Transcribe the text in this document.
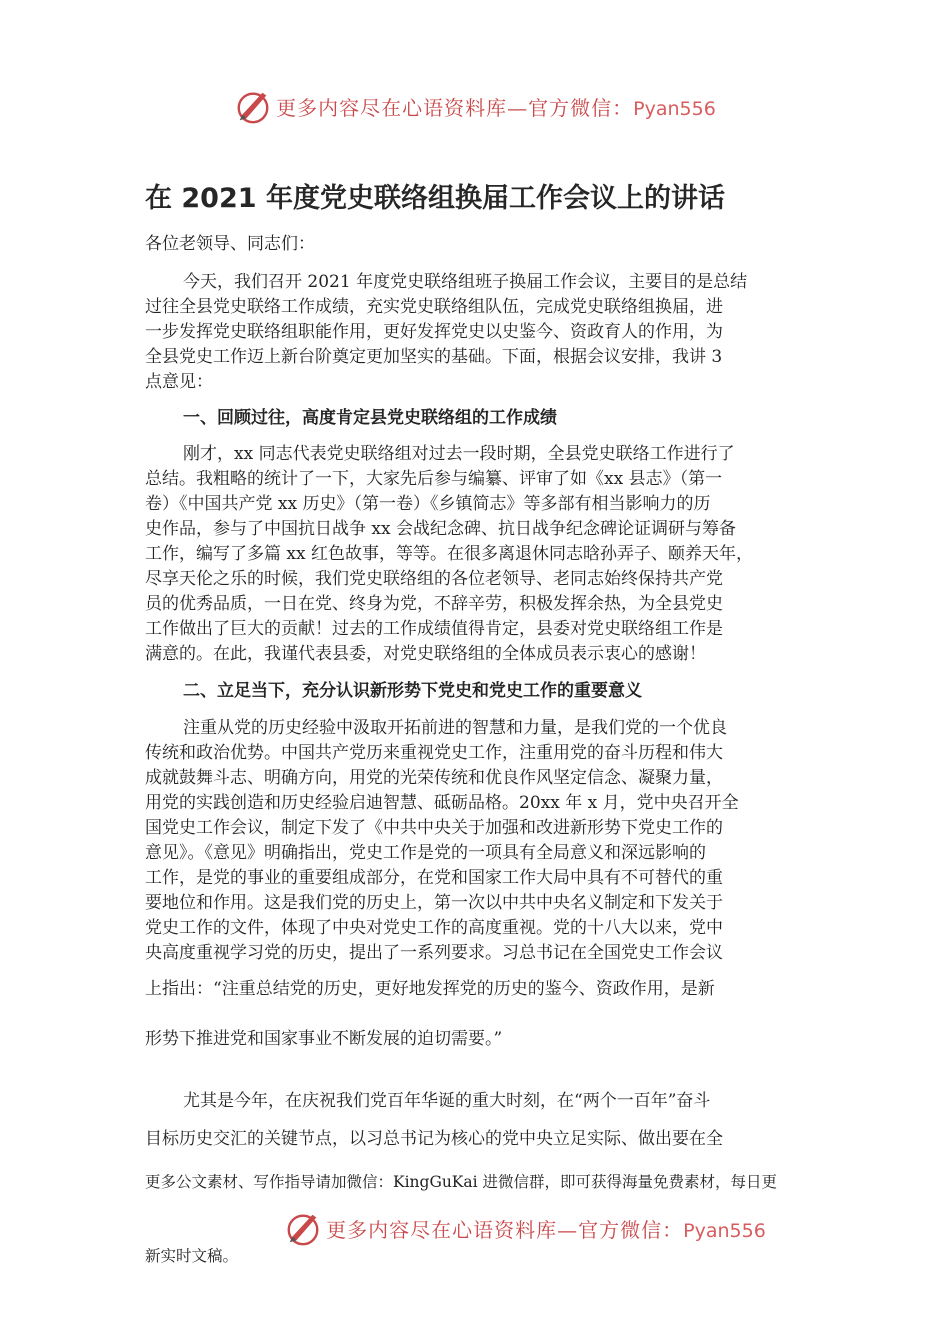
更多内容尽在心语资料库—官方微信：Pyan556
在 2021 年度党史联络组换届工作会议上的讲话
各位老领导、同志们：
今天，我们召开 2021 年度党史联络组班子换届工作会议，主要目的是总结
过往全县党史联络工作成绩，充实党史联络组队伍，完成党史联络组换届，进
一步发挥党史联络组职能作用，更好发挥党史以史鉴今、资政育人的作用，为
全县党史工作迈上新台阶奠定更加坚实的基础。下面，根据会议安排，我讲 3
点意见：
一、回顾过往，高度肯定县党史联络组的工作成绩
刚才，xx 同志代表党史联络组对过去一段时期，全县党史联络工作进行了
总结。我粗略的统计了一下，大家先后参与编纂、评审了如《xx 县志》（第一
卷）《中国共产党 xx 历史》（第一卷）《乡镇简志》等多部有相当影响力的历
史作品，参与了中国抗日战争 xx 会战纪念碑、抗日战争纪念碑论证调研与筹备
工作，编写了多篇 xx 红色故事，等等。在很多离退休同志晗孙弄子、颐养天年，
尽享天伦之乐的时候，我们党史联络组的各位老领导、老同志始终保持共产党
员的优秀品质，一日在党、终身为党，不辞辛劳，积极发挥余热，为全县党史
工作做出了巨大的贡献！过去的工作成绩值得肯定，县委对党史联络组工作是
满意的。在此，我谨代表县委，对党史联络组的全体成员表示衷心的感谢！
二、立足当下，充分认识新形势下党史和党史工作的重要意义
注重从党的历史经验中汲取开拓前进的智慧和力量，是我们党的一个优良
传统和政治优势。中国共产党历来重视党史工作，注重用党的奋斗历程和伟大
成就鼓舞斗志、明确方向，用党的光荣传统和优良作风坚定信念、凝聚力量，
用党的实践创造和历史经验启迪智慧、砥砺品格。20xx 年 x 月，党中央召开全
国党史工作会议，制定下发了《中共中央关于加强和改进新形势下党史工作的
意见》。《意见》明确指出，党史工作是党的一项具有全局意义和深远影响的
工作，是党的事业的重要组成部分，在党和国家工作大局中具有不可替代的重
要地位和作用。这是我们党的历史上，第一次以中共中央名义制定和下发关于
党史工作的文件，体现了中央对党史工作的高度重视。党的十八大以来，党中
央高度重视学习党的历史，提出了一系列要求。习总书记在全国党史工作会议
上指出：“注重总结党的历史，更好地发挥党的历史的鉴今、资政作用，是新
形势下推进党和国家事业不断发展的迫切需要。”
尤其是今年，在庆祝我们党百年华诞的重大时刻，在“两个一百年”奋斗
目标历史交汇的关键节点，以习总书记为核心的党中央立足实际、做出要在全
更多公文素材、写作指导请加微信：KingGuKai 进微信群，即可获得海量免费素材，每日更
更多内容尽在心语资料库—官方微信：Pyan556
新实时文稿。
